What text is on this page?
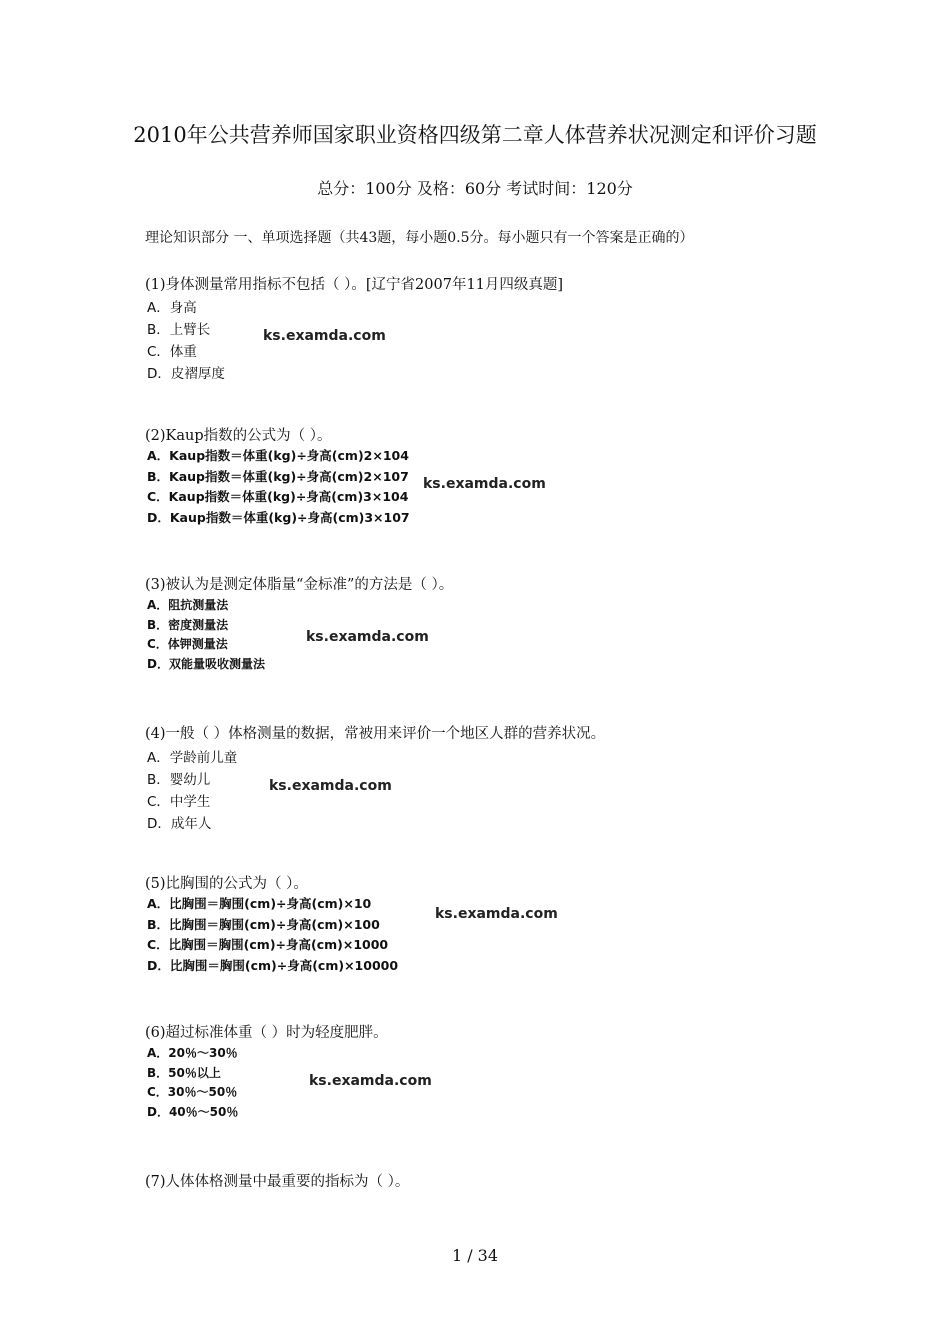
2010年公共营养师国家职业资格四级第二章人体营养状况测定和评价习题
总分：100分 及格：60分 考试时间：120分
理论知识部分 一、单项选择题（共43题，每小题0.5分。每小题只有一个答案是正确的）

(1)身体测量常用指标不包括（ ）。[辽宁省2007年11月四级真题]

A．身高

B．上臂长

C．体重

D．皮褶厚度

ks.examda.com

(2)Kaup指数的公式为（ ）。

A．Kaup指数＝体重(kg)÷身高(cm)2×104

B．Kaup指数＝体重(kg)÷身高(cm)2×107

C．Kaup指数＝体重(kg)÷身高(cm)3×104

D．Kaup指数＝体重(kg)÷身高(cm)3×107

ks.examda.com

(3)被认为是测定体脂量“金标准”的方法是（ ）。

A．阻抗测量法

B．密度测量法

C．体钾测量法

D．双能量吸收测量法

ks.examda.com

(4)一般（ ）体格测量的数据，常被用来评价一个地区人群的营养状况。

A．学龄前儿童

B．婴幼儿

C．中学生

D．成年人

ks.examda.com

(5)比胸围的公式为（ ）。

A．比胸围＝胸围(cm)÷身高(cm)×10

B．比胸围＝胸围(cm)÷身高(cm)×100

C．比胸围＝胸围(cm)÷身高(cm)×1000

D．比胸围＝胸围(cm)÷身高(cm)×10000

ks.examda.com

(6)超过标准体重（ ）时为轻度肥胖。

A．20％～30％

B．50％以上

C．30％～50％

D．40％～50％

ks.examda.com

(7)人体体格测量中最重要的指标为（ ）。

1 / 34
